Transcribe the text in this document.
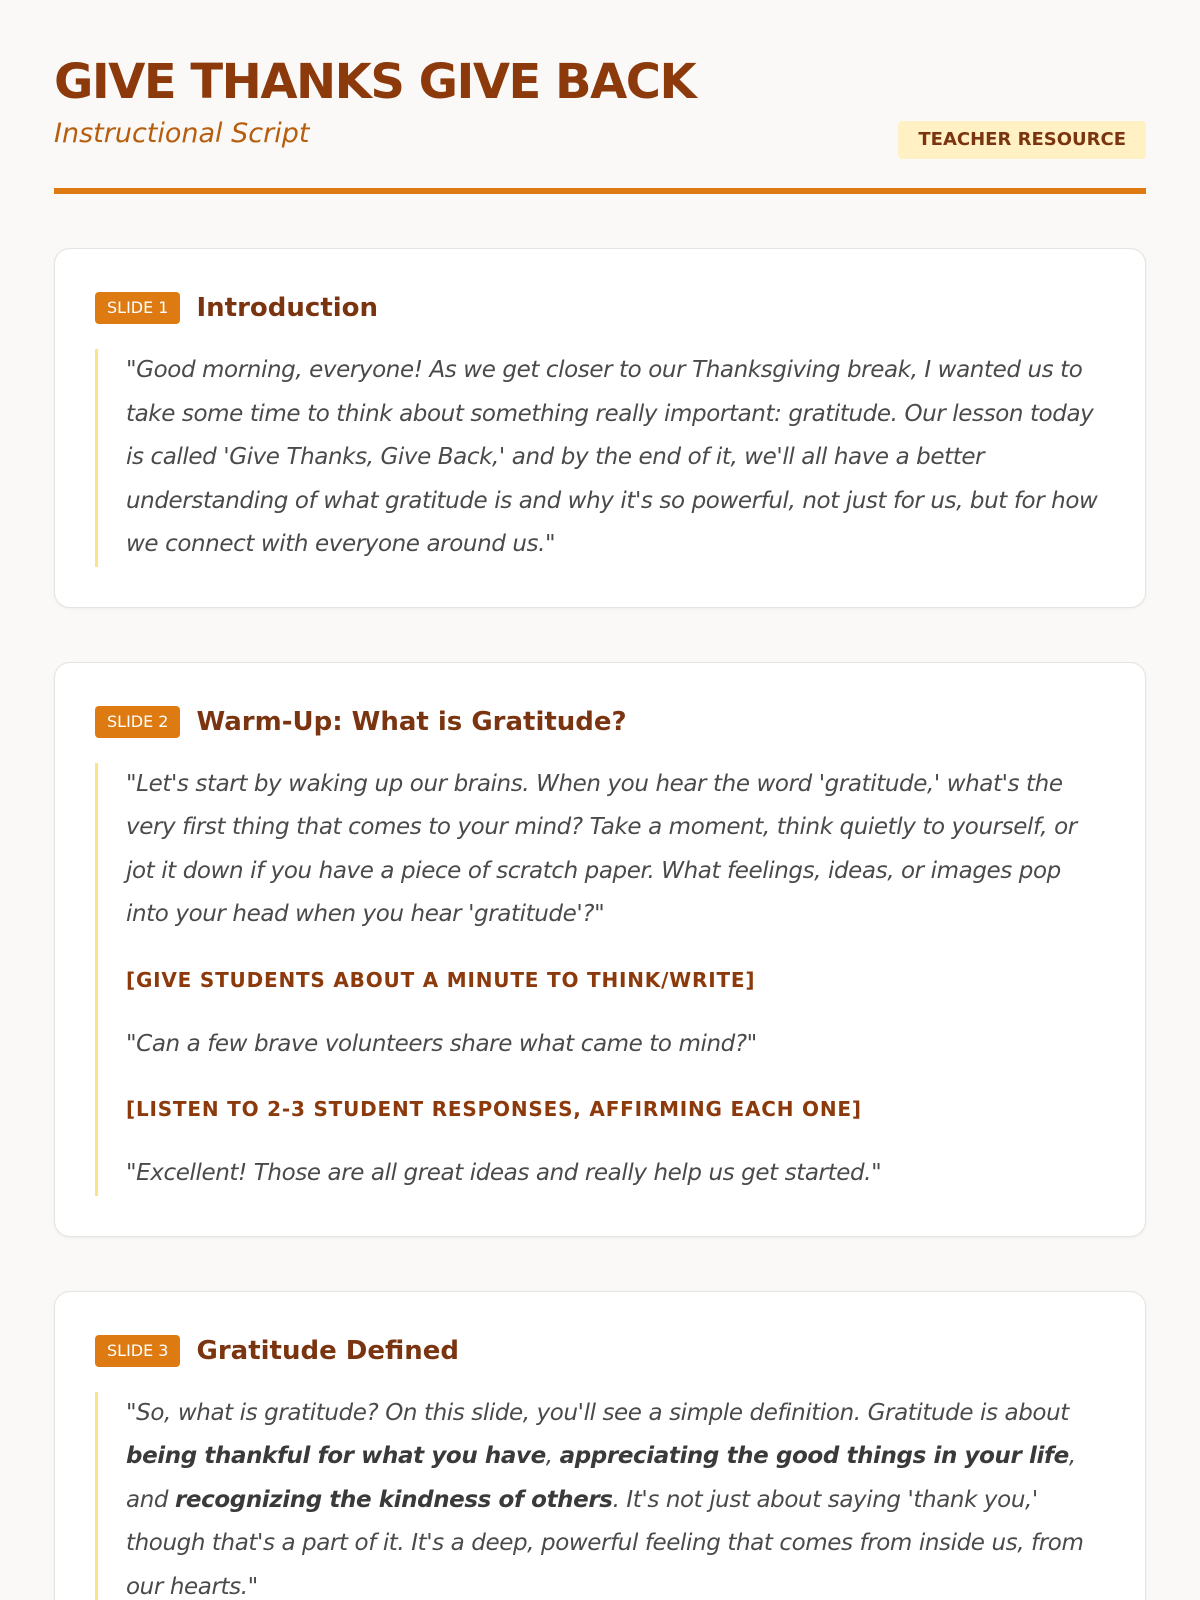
GIVE THANKS GIVE BACK
Instructional Script	TEACHER RESOURCE
SLIDE 1	Introduction

"Good morning, everyone! As we get closer to our Thanksgiving break, I wanted us to take some time to think about something really important: gratitude. Our lesson today is called 'Give Thanks, Give Back,' and by the end of it, we'll all have a better understanding of what gratitude is and why it's so powerful, not just for us, but for how we connect with everyone around us."

SLIDE 2	Warm-Up: What is Gratitude?

"Let's start by waking up our brains. When you hear the word 'gratitude,' what's the very first thing that comes to your mind? Take a moment, think quietly to yourself, or jot it down if you have a piece of scratch paper. What feelings, ideas, or images pop into your head when you hear 'gratitude'?"

[GIVE STUDENTS ABOUT A MINUTE TO THINK/WRITE]

"Can a few brave volunteers share what came to mind?"

[LISTEN TO 2-3 STUDENT RESPONSES, AFFIRMING EACH ONE]

"Excellent! Those are all great ideas and really help us get started."

SLIDE 3	Gratitude Defined

"So, what is gratitude? On this slide, you'll see a simple definition. Gratitude is about being thankful for what you have, appreciating the good things in your life, and recognizing the kindness of others. It's not just about saying 'thank you,' though that's a part of it. It's a deep, powerful feeling that comes from inside us, from our hearts."
